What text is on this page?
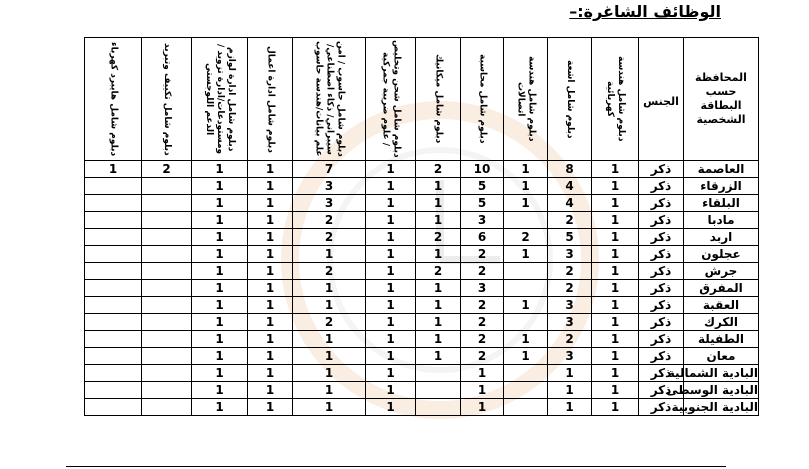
الوظائف الشاغرة:–
المحافظة حسب البطاقة الشخصية	الجنس	دبلوم شامل هندسة كهربائية	دبلوم شامل اشعة	دبلوم شامل هندسة اتصالات	دبلوم شامل محاسبة	دبلوم شامل ميكانيك	دبلوم شامل شحن وتخليص / علوم ضريبة جمركية	دبلوم شامل حاسوب / امن سيبراني/ ذكاء اصطناعي/ علم بيانات/هندسة حاسوب	دبلوم شامل ادارة اعمال	دبلوم شامل ادارة لوازم ومستودعات/ادارة تزويد /الدعم اللوجستي	دبلوم شامل تكييف وتبريد	دبلوم شامل هايبرد كهرباء

العاصمة	ذكر	1	8	1	10	2	1	7	1	1	2	1
الزرقاء	ذكر	1	4	1	5	1	1	3	1	1		
البلقاء	ذكر	1	4	1	5	1	1	3	1	1		
مادبا	ذكر	1	2		3	1	1	2	1	1		
اربد	ذكر	1	5	2	6	2	1	2	1	1		
عجلون	ذكر	1	3	1	2	1	1	1	1	1		
جرش	ذكر	1	2		2	2	1	2	1	1		
المفرق	ذكر	1	2		3	1	1	1	1	1		
العقبة	ذكر	1	3	1	2	1	1	1	1	1		
الكرك	ذكر	1	3		2	1	1	2	1	1		
الطفيلة	ذكر	1	2	1	2	1	1	1	1	1		
معان	ذكر	1	3	1	2	1	1	1	1	1		
البادية الشمالية	ذكر	1	1		1		1	1	1	1		
البادية الوسطى	ذكر	1	1		1		1	1	1	1		
البادية الجنوبية	ذكر	1	1		1		1	1	1	1		
